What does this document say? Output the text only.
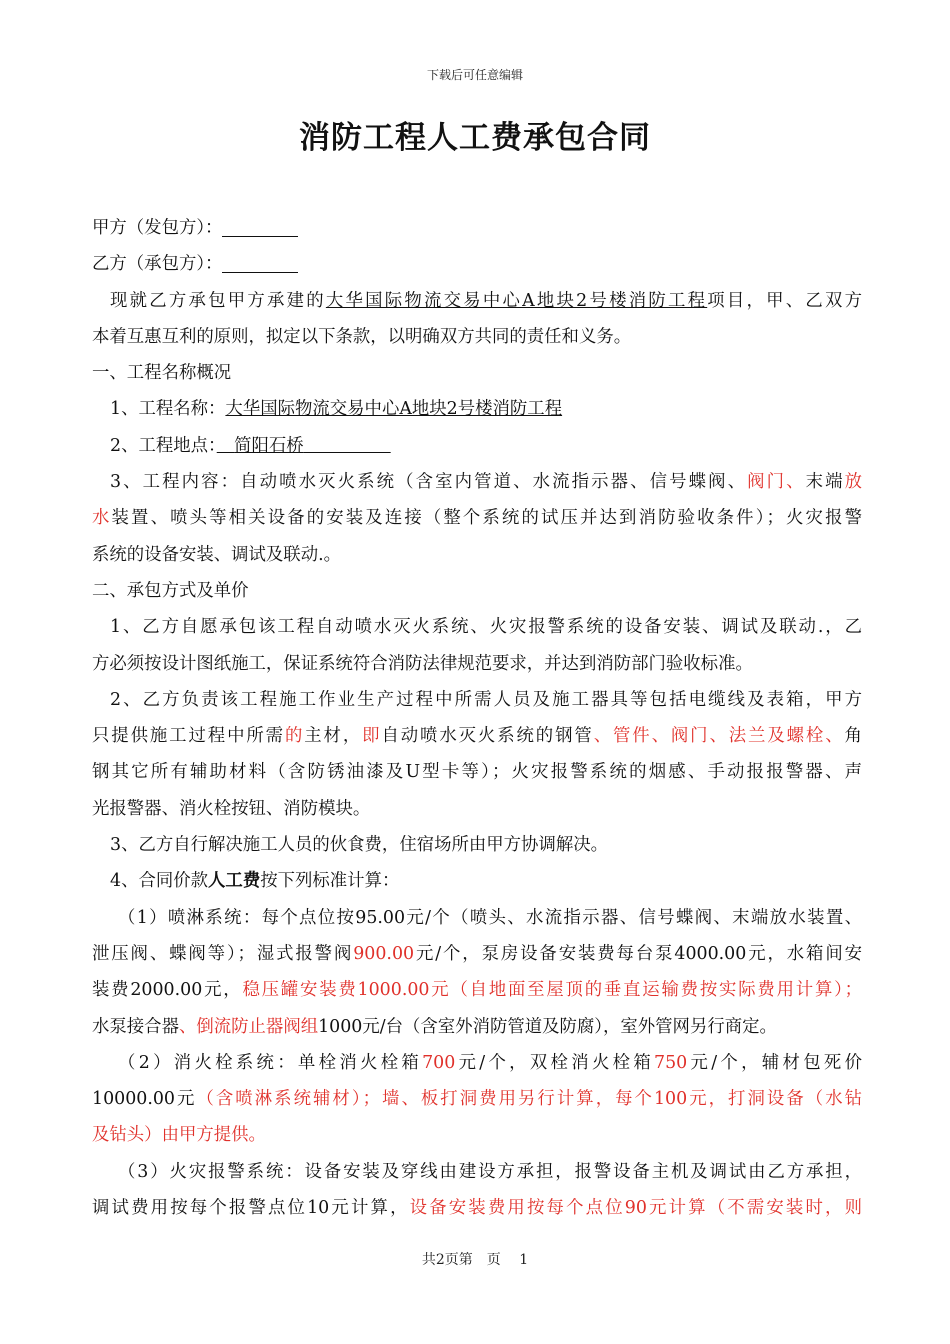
下载后可任意编辑
消防工程人工费承包合同
甲方（发包方）：
乙方（承包方）：
现就乙方承包甲方承建的大华国际物流交易中心A地块2号楼消防工程项目，甲、乙双方
本着互惠互利的原则，拟定以下条款，以明确双方共同的责任和义务。
一、工程名称概况
1、工程名称：大华国际物流交易中心A地块2号楼消防工程
2、工程地点：　 简阳石桥　　　　　
3、工程内容：自动喷水灭火系统（含室内管道、水流指示器、信号蝶阀、阀门、末端放
水装置、喷头等相关设备的安装及连接（整个系统的试压并达到消防验收条件）；火灾报警
系统的设备安装、调试及联动.。
二、承包方式及单价
1、乙方自愿承包该工程自动喷水灭火系统、火灾报警系统的设备安装、调试及联动.，乙
方必须按设计图纸施工，保证系统符合消防法律规范要求，并达到消防部门验收标准。
2、乙方负责该工程施工作业生产过程中所需人员及施工器具等包括电缆线及表箱，甲方
只提供施工过程中所需的主材，即自动喷水灭火系统的钢管、管件、阀门、法兰及螺栓、角
钢其它所有辅助材料（含防锈油漆及U型卡等）；火灾报警系统的烟感、手动报报警器、声
光报警器、消火栓按钮、消防模块。
3、乙方自行解决施工人员的伙食费，住宿场所由甲方协调解决。
4、合同价款人工费按下列标准计算：
（1）喷淋系统：每个点位按95.00元/个（喷头、水流指示器、信号蝶阀、末端放水装置、
泄压阀、蝶阀等）；湿式报警阀900.00元/个，泵房设备安装费每台泵4000.00元，水箱间安
装费2000.00元，稳压罐安装费1000.00元（自地面至屋顶的垂直运输费按实际费用计算）；
水泵接合器、倒流防止器阀组1000元/台（含室外消防管道及防腐），室外管网另行商定。
（2）消火栓系统：单栓消火栓箱700元/个，双栓消火栓箱750元/个，辅材包死价
10000.00元（含喷淋系统辅材）；墙、板打洞费用另行计算，每个100元，打洞设备（水钻
及钻头）由甲方提供。
（3）火灾报警系统：设备安装及穿线由建设方承担，报警设备主机及调试由乙方承担，
调试费用按每个报警点位10元计算，设备安装费用按每个点位90元计算（不需安装时，则
共2页第　页　 1
